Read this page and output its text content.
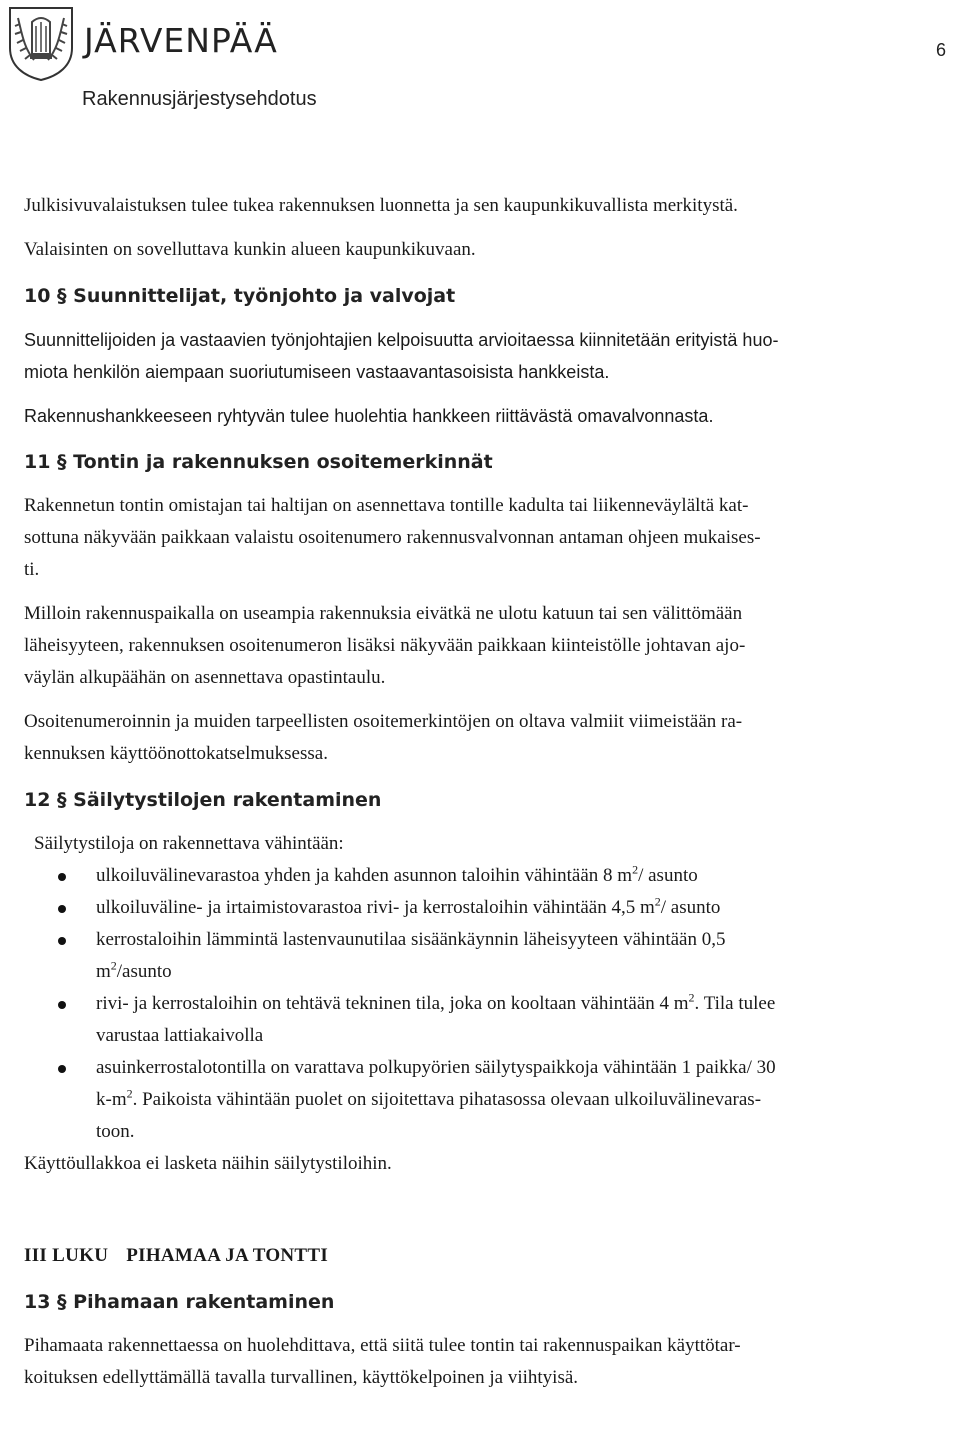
JÄRVENPÄÄ
Rakennusjärjestysehdotus
6

Julkisivuvalaistuksen tulee tukea rakennuksen luonnetta ja sen kaupunkikuvallista merkitystä.

Valaisinten on sovelluttava kunkin alueen kaupunkikuvaan.

10 § Suunnittelijat, työnjohto ja valvojat

Suunnittelijoiden ja vastaavien työnjohtajien kelpoisuutta arvioitaessa kiinnitetään erityistä huo-

miota henkilön aiempaan suoriutumiseen vastaavantasoisista hankkeista.

Rakennushankkeeseen ryhtyvän tulee huolehtia hankkeen riittävästä omavalvonnasta.

11 § Tontin ja rakennuksen osoitemerkinnät

Rakennetun tontin omistajan tai haltijan on asennettava tontille kadulta tai liikenneväylältä kat-

sottuna näkyvään paikkaan valaistu osoitenumero rakennusvalvonnan antaman ohjeen mukaises-

ti.

Milloin rakennuspaikalla on useampia rakennuksia eivätkä ne ulotu katuun tai sen välittömään

läheisyyteen, rakennuksen osoitenumeron lisäksi näkyvään paikkaan kiinteistölle johtavan ajo-

väylän alkupäähän on asennettava opastintaulu.

Osoitenumeroinnin ja muiden tarpeellisten osoitemerkintöjen on oltava valmiit viimeistään ra-

kennuksen käyttöönottokatselmuksessa.

12 § Säilytystilojen rakentaminen

Säilytystiloja on rakennettava vähintään:

ulkoiluvälinevarastoa yhden ja kahden asunnon taloihin vähintään 8 $m^2/$ asunto
ulkoiluväline- ja irtaimistovarastoa rivi- ja kerrostaloihin vähintään 4,5 $m^2/$ asunto
kerrostaloihin lämmintä lastenvaunutilaa sisäänkäynnin läheisyyteen vähintään 0,5
$m^2$/asunto
rivi- ja kerrostaloihin on tehtävä tekninen tila, joka on kooltaan vähintään 4 $m^2$. Tila tulee
varustaa lattiakaivolla
asuinkerrostalotontilla on varattava polkupyörien säilytyspaikkoja vähintään 1 paikka/ 30
$k-m^2$. Paikoista vähintään puolet on sijoitettava pihatasossa olevaan ulkoiluvälinevaras-
toon.

Käyttöullakkoa ei lasketa näihin säilytystiloihin.

III LUKU PIHAMAA JA TONTTI
13 § Pihamaan rakentaminen

Pihamaata rakennettaessa on huolehdittava, että siitä tulee tontin tai rakennuspaikan käyttötar-

koituksen edellyttämällä tavalla turvallinen, käyttökelpoinen ja viihtyisä.
